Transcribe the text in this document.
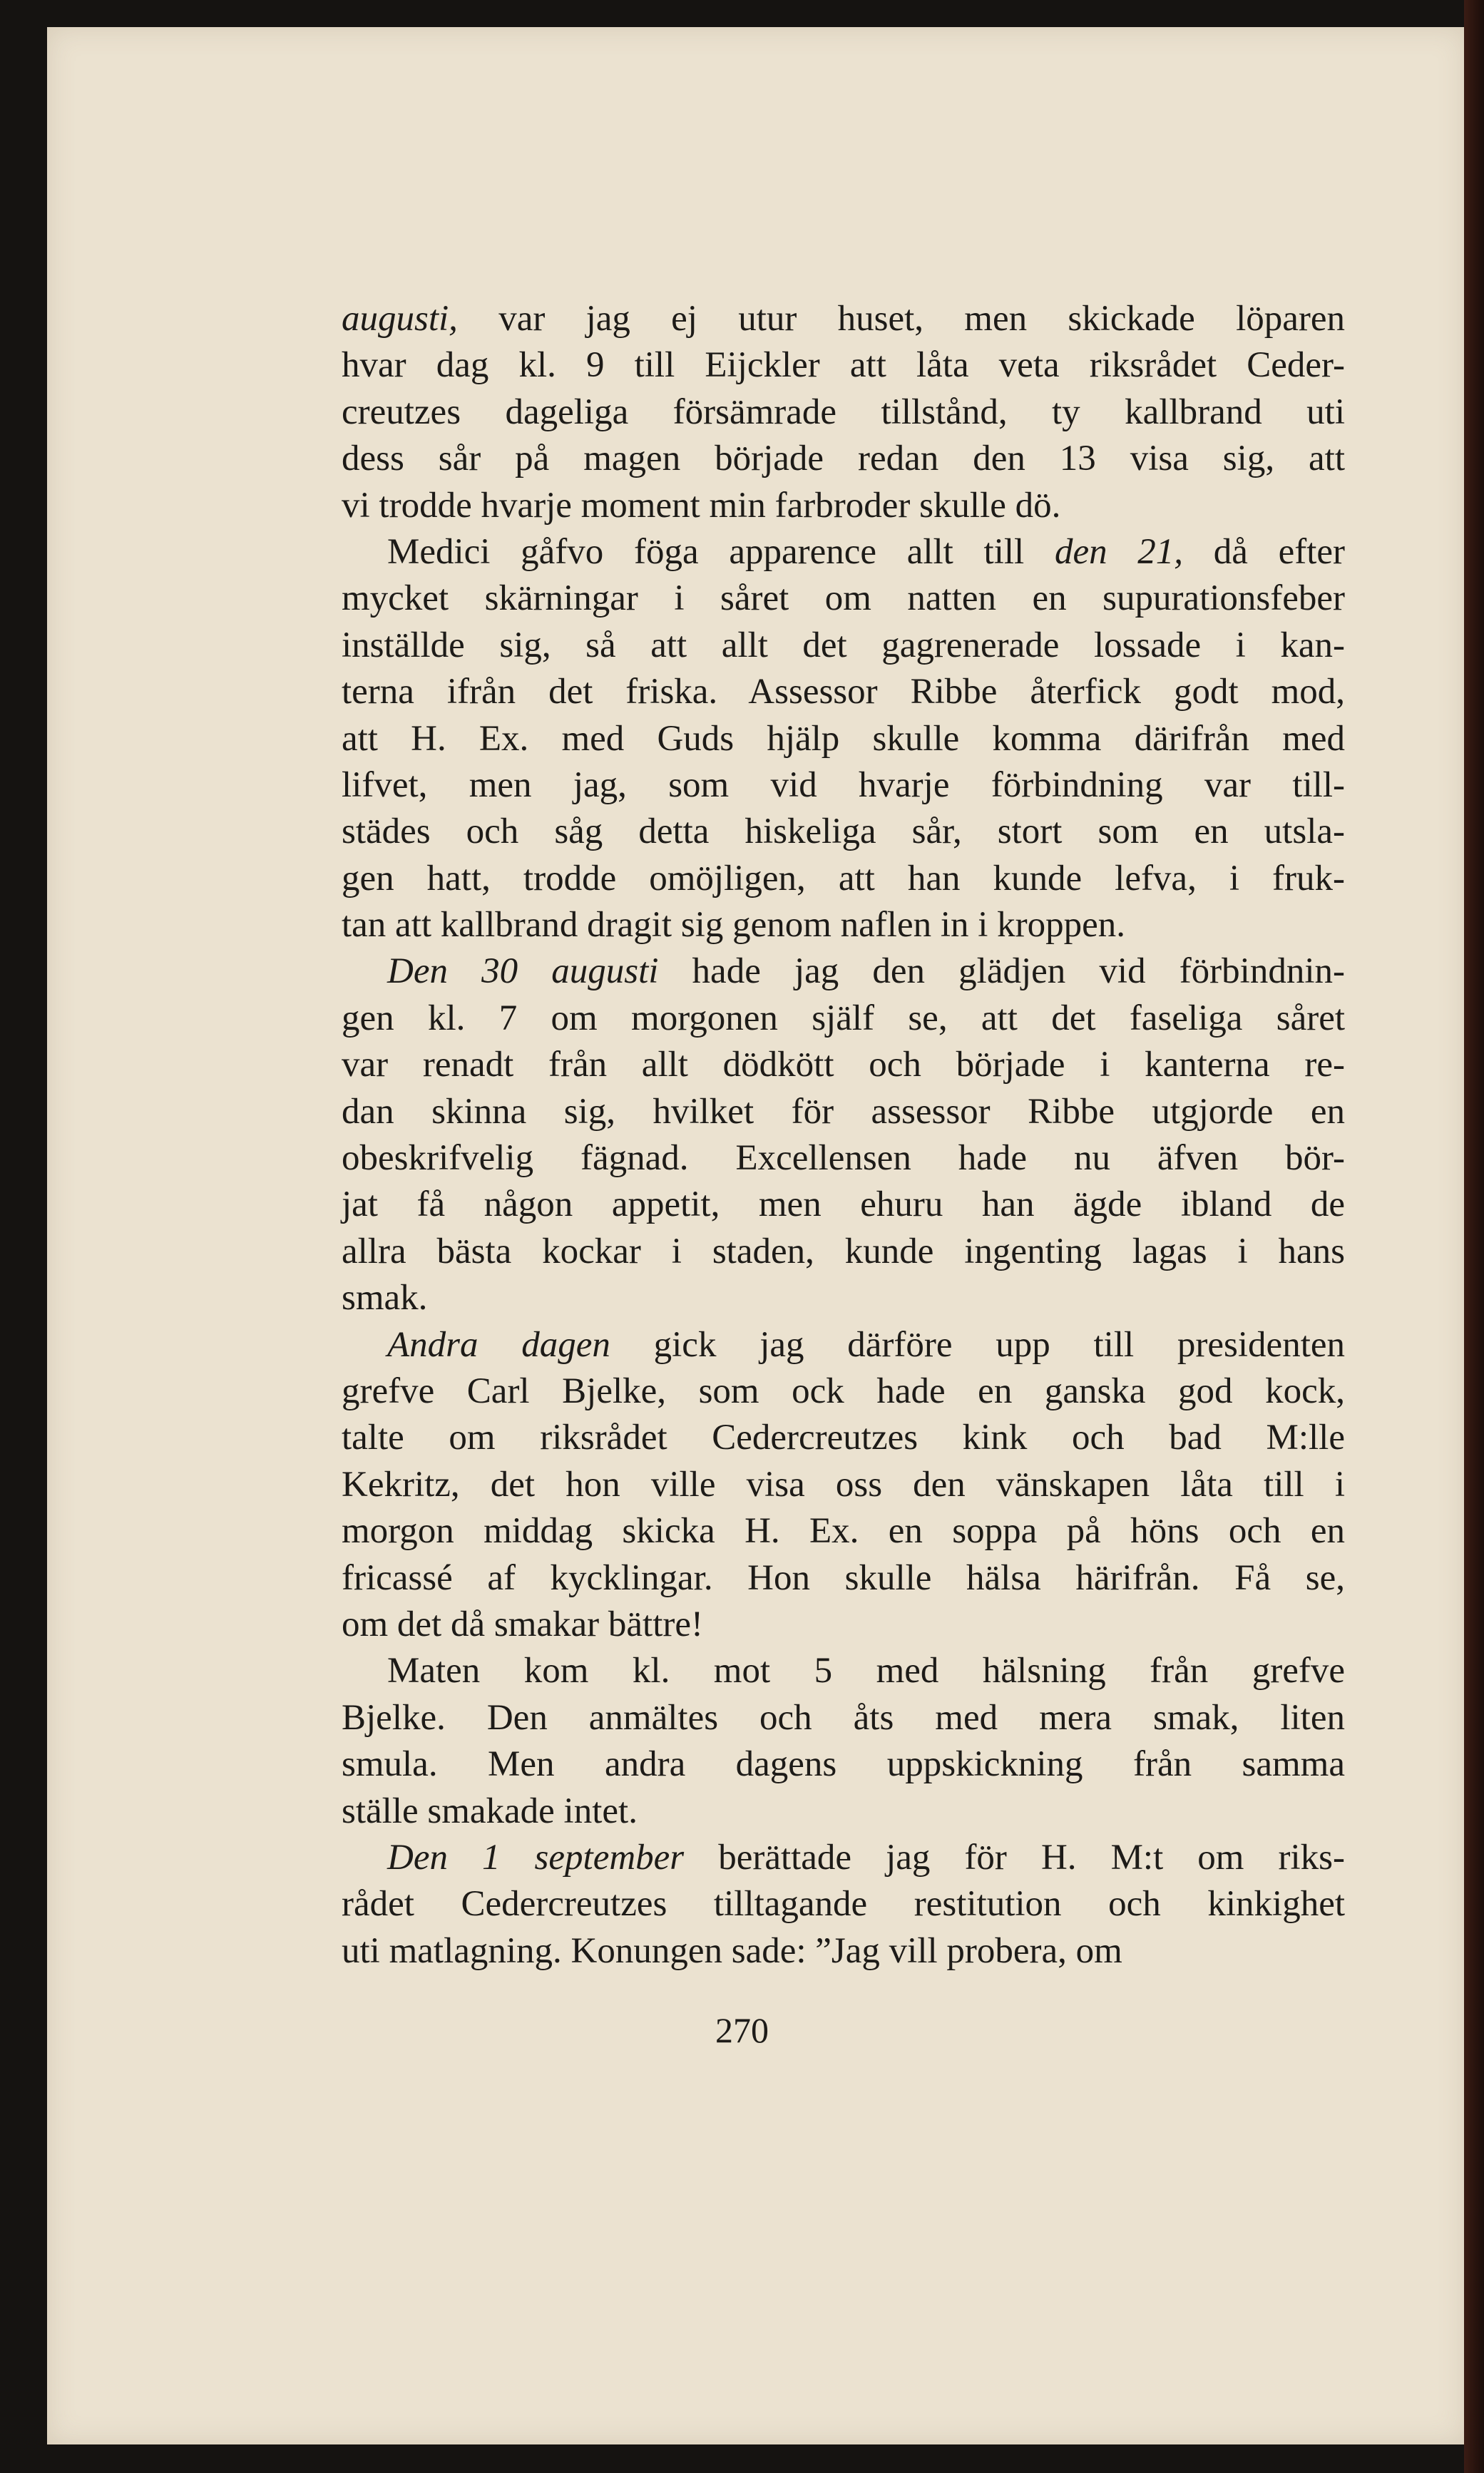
augusti, var jag ej utur huset, men skickade löparen
hvar dag kl. 9 till Eijckler att låta veta riksrådet Ceder-
creutzes dageliga försämrade tillstånd, ty kallbrand uti
dess sår på magen började redan den 13 visa sig, att
vi trodde hvarje moment min farbroder skulle dö.
Medici gåfvo föga apparence allt till den 21, då efter
mycket skärningar i såret om natten en supurationsfeber
inställde sig, så att allt det gagrenerade lossade i kan-
terna ifrån det friska. Assessor Ribbe återfick godt mod,
att H. Ex. med Guds hjälp skulle komma därifrån med
lifvet, men jag, som vid hvarje förbindning var till-
städes och såg detta hiskeliga sår, stort som en utsla-
gen hatt, trodde omöjligen, att han kunde lefva, i fruk-
tan att kallbrand dragit sig genom naflen in i kroppen.
Den 30 augusti hade jag den glädjen vid förbindnin-
gen kl. 7 om morgonen själf se, att det faseliga såret
var renadt från allt dödkött och började i kanterna re-
dan skinna sig, hvilket för assessor Ribbe utgjorde en
obeskrifvelig fägnad. Excellensen hade nu äfven bör-
jat få någon appetit, men ehuru han ägde ibland de
allra bästa kockar i staden, kunde ingenting lagas i hans
smak.
Andra dagen gick jag därföre upp till presidenten
grefve Carl Bjelke, som ock hade en ganska god kock,
talte om riksrådet Cedercreutzes kink och bad M:lle
Kekritz, det hon ville visa oss den vänskapen låta till i
morgon middag skicka H. Ex. en soppa på höns och en
fricassé af kycklingar. Hon skulle hälsa härifrån. Få se,
om det då smakar bättre!
Maten kom kl. mot 5 med hälsning från grefve
Bjelke. Den anmältes och åts med mera smak, liten
smula. Men andra dagens uppskickning från samma
ställe smakade intet.
Den 1 september berättade jag för H. M:t om riks-
rådet Cedercreutzes tilltagande restitution och kinkighet
uti matlagning. Konungen sade: ”Jag vill probera, om
270
